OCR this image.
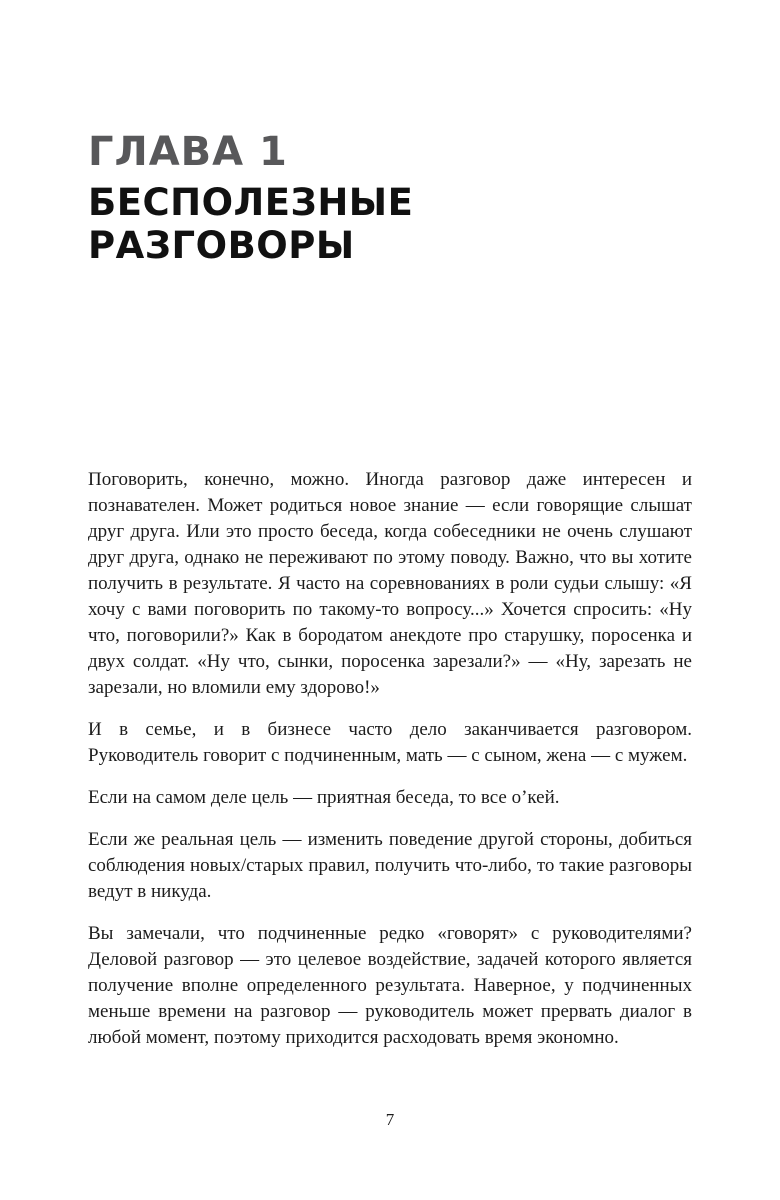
ГЛАВА 1
БЕСПОЛЕЗНЫЕ РАЗГОВОРЫ

Поговорить, конечно, можно. Иногда разговор даже интересен и познавателен. Может родиться новое знание — если говорящие слышат друг друга. Или это просто беседа, когда собеседники не очень слушают друг друга, однако не переживают по этому поводу. Важно, что вы хотите получить в результате. Я часто на соревнованиях в роли судьи слышу: «Я хочу с вами поговорить по такому-то вопросу...» Хочется спросить: «Ну что, поговорили?» Как в бородатом анекдоте про старушку, поросенка и двух солдат. «Ну что, сынки, поросенка зарезали?» — «Ну, зарезать не зарезали, но вломили ему здорово!»

И в семье, и в бизнесе часто дело заканчивается разговором. Руководитель говорит с подчиненным, мать — с сыном, жена — с мужем.

Если на самом деле цель — приятная беседа, то все о’кей.

Если же реальная цель — изменить поведение другой стороны, добиться соблюдения новых/старых правил, получить что-либо, то такие разговоры ведут в никуда.

Вы замечали, что подчиненные редко «говорят» с руководителями? Деловой разговор — это целевое воздействие, задачей которого является получение вполне определенного результата. Наверное, у подчиненных меньше времени на разговор — руководитель может прервать диалог в любой момент, поэтому приходится расходовать время экономно.

7
